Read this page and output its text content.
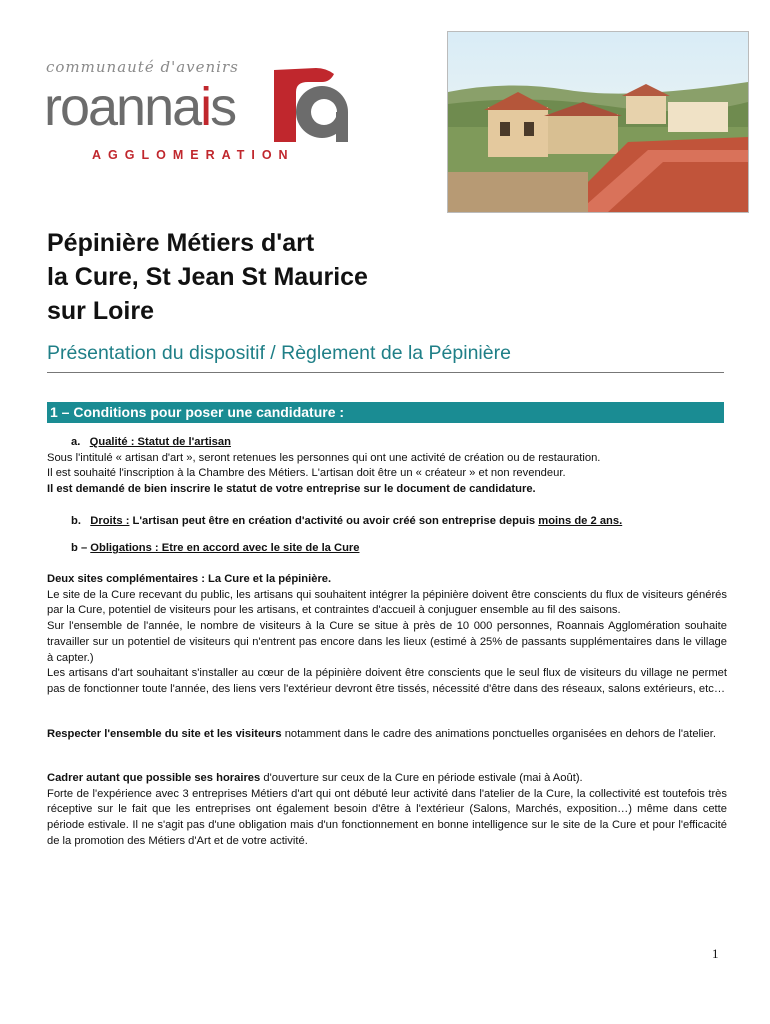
communauté d'avenirs
roannais
AGGLOMERATION
Pépinière Métiers d'art
la Cure, St Jean St Maurice
sur Loire
Présentation du dispositif / Règlement de la Pépinière
1 – Conditions pour poser une candidature :

a. Qualité : Statut de l'artisan

Sous l'intitulé « artisan d'art », seront retenues les personnes qui ont une activité de création ou de restauration.

Il est souhaité l'inscription à la Chambre des Métiers. L'artisan doit être un « créateur » et non revendeur.

Il est demandé de bien inscrire le statut de votre entreprise sur le document de candidature.

b. Droits : L'artisan peut être en création d'activité ou avoir créé son entreprise depuis moins de 2 ans.

b – Obligations : Etre en accord avec le site de la Cure

Deux sites complémentaires : La Cure et la pépinière.

Le site de la Cure recevant du public, les artisans qui souhaitent intégrer la pépinière doivent être conscients du flux de visiteurs générés par la Cure, potentiel de visiteurs pour les artisans, et contraintes d'accueil à conjuguer ensemble au fil des saisons.

Sur l'ensemble de l'année, le nombre de visiteurs à la Cure se situe à près de 10 000 personnes, Roannais Agglomération souhaite travailler sur un potentiel de visiteurs qui n'entrent pas encore dans les lieux (estimé à 25% de passants supplémentaires dans le village à capter.)

Les artisans d'art souhaitant s'installer au cœur de la pépinière doivent être conscients que le seul flux de visiteurs du village ne permet pas de fonctionner toute l'année, des liens vers l'extérieur devront être tissés, nécessité d'être dans des réseaux, salons extérieurs, etc…

Respecter l'ensemble du site et les visiteurs notamment dans le cadre des animations ponctuelles organisées en dehors de l'atelier.

Cadrer autant que possible ses horaires d'ouverture sur ceux de la Cure en période estivale (mai à Août).

Forte de l'expérience avec 3 entreprises Métiers d'art qui ont débuté leur activité dans l'atelier de la Cure, la collectivité est toutefois très réceptive sur le fait que les entreprises ont également besoin d'être à l'extérieur (Salons, Marchés, exposition…) même dans cette période estivale. Il ne s'agit pas d'une obligation mais d'un fonctionnement en bonne intelligence sur le site de la Cure et pour l'efficacité de la promotion des Métiers d'Art et de votre activité.

1
